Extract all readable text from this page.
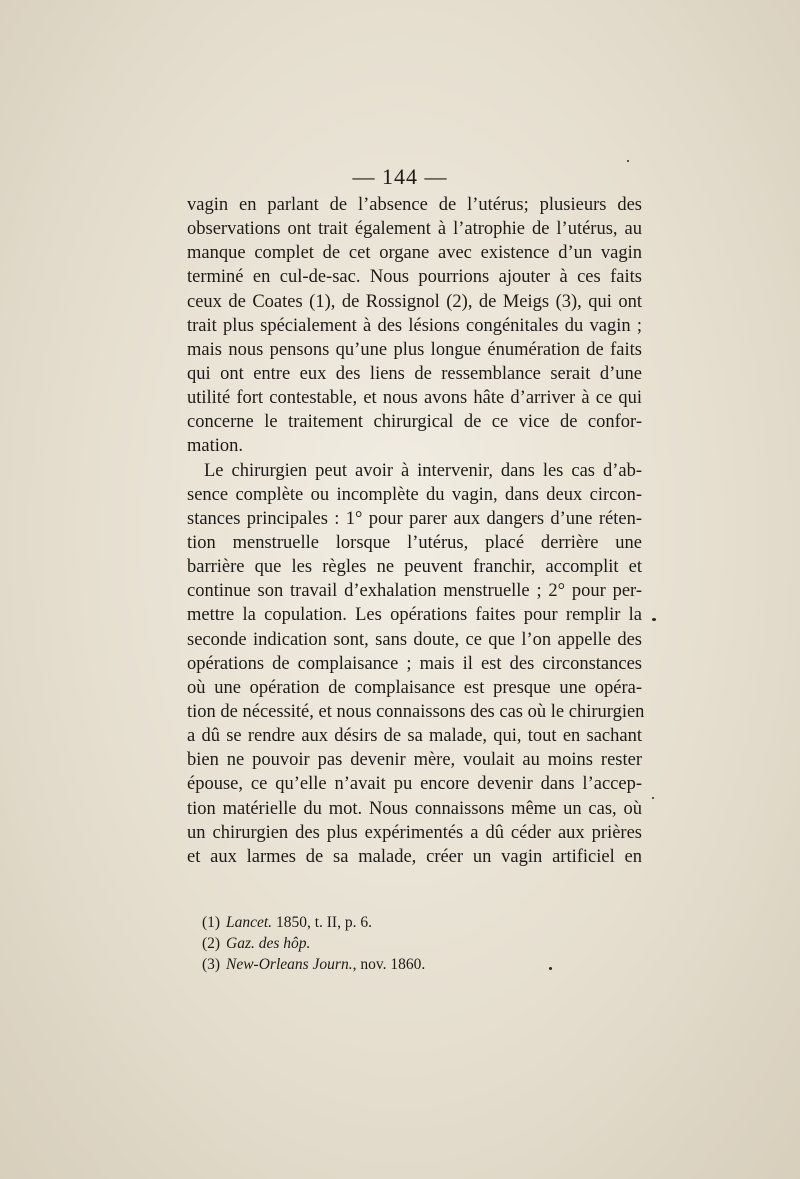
— 144 —
vagin en parlant de l’absence de l’utérus; plusieurs des
observations ont trait également à l’atrophie de l’utérus, au
manque complet de cet organe avec existence d’un vagin
terminé en cul-de-sac. Nous pourrions ajouter à ces faits
ceux de Coates (1), de Rossignol (2), de Meigs (3), qui ont
trait plus spécialement à des lésions congénitales du vagin ;
mais nous pensons qu’une plus longue énumération de faits
qui ont entre eux des liens de ressemblance serait d’une
utilité fort contestable, et nous avons hâte d’arriver à ce qui
concerne le traitement chirurgical de ce vice de confor-
mation.
Le chirurgien peut avoir à intervenir, dans les cas d’ab-
sence complète ou incomplète du vagin, dans deux circon-
stances principales : 1° pour parer aux dangers d’une réten-
tion menstruelle lorsque l’utérus, placé derrière une
barrière que les règles ne peuvent franchir, accomplit et
continue son travail d’exhalation menstruelle ; 2° pour per-
mettre la copulation. Les opérations faites pour remplir la
seconde indication sont, sans doute, ce que l’on appelle des
opérations de complaisance ; mais il est des circonstances
où une opération de complaisance est presque une opéra-
tion de nécessité, et nous connaissons des cas où le chirurgien
a dû se rendre aux désirs de sa malade, qui, tout en sachant
bien ne pouvoir pas devenir mère, voulait au moins rester
épouse, ce qu’elle n’avait pu encore devenir dans l’accep-
tion matérielle du mot. Nous connaissons même un cas, où
un chirurgien des plus expérimentés a dû céder aux prières
et aux larmes de sa malade, créer un vagin artificiel en
(1) Lancet. 1850, t. II, p. 6.
(2) Gaz. des hôp.
(3) New-Orleans Journ., nov. 1860.
